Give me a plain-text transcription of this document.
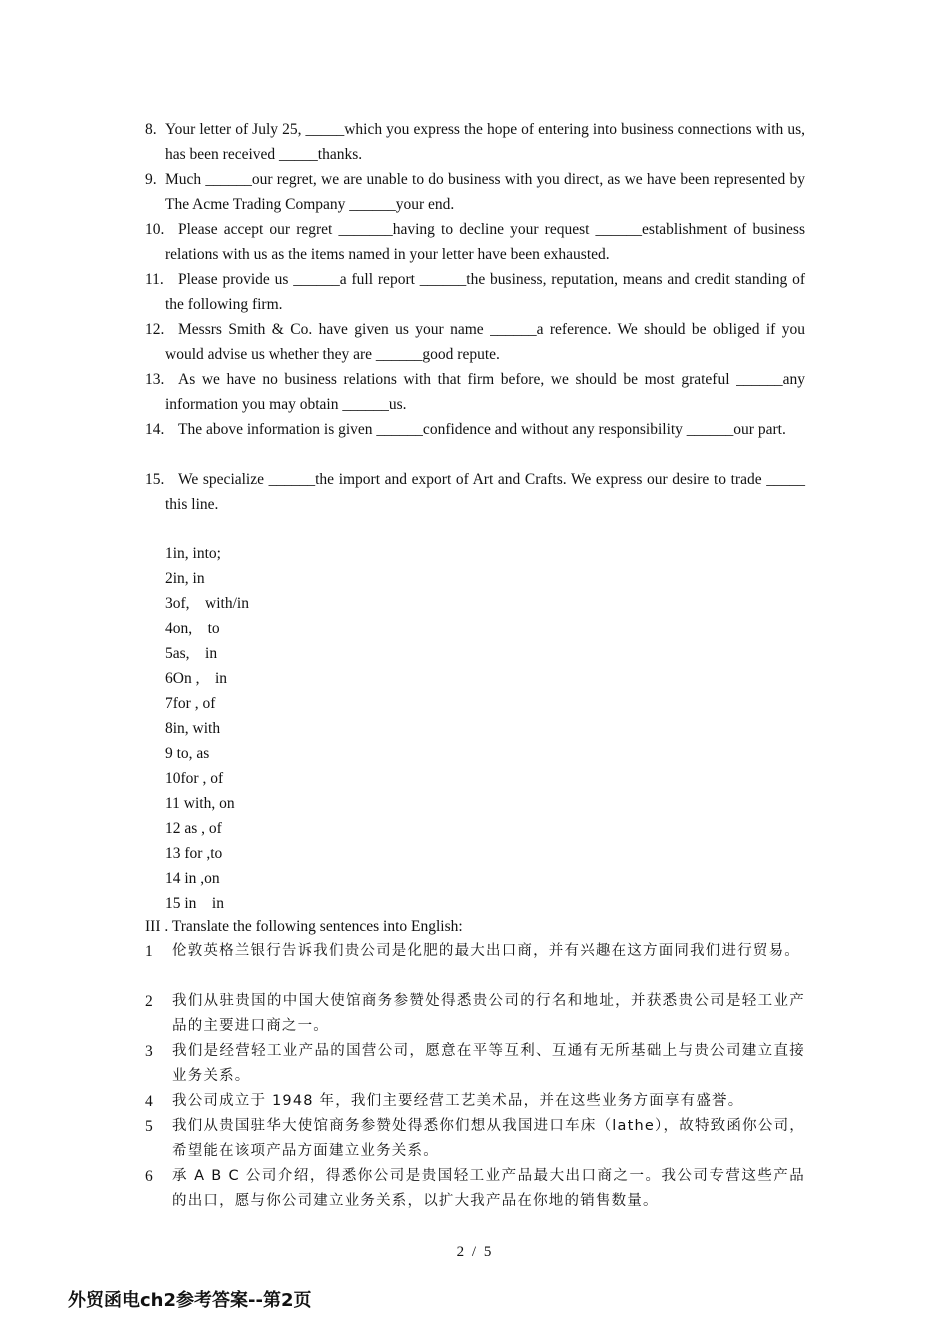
8. Your letter of July 25, _____which you express the hope of entering into business connections with us, has been received _____thanks.
9. Much ______our regret, we are unable to do business with you direct, as we have been represented by The Acme Trading Company ______your end.
10. Please accept our regret _______having to decline your request ______establishment of business relations with us as the items named in your letter have been exhausted.
11. Please provide us ______a full report ______the business, reputation, means and credit standing of the following firm.
12. Messrs Smith & Co. have given us your name ______a reference. We should be obliged if you would advise us whether they are ______good repute.
13. As we have no business relations with that firm before, we should be most grateful ______any information you may obtain ______us.
14. The above information is given ______confidence and without any responsibility ______our part.
15. We specialize ______the import and export of Art and Crafts. We express our desire to trade _____ this line.
1in, into;
2in, in
3of,    with/in
4on,    to
5as,    in
6On ,    in
7for , of
8in, with
9 to, as
10for , of
11 with, on
12 as , of
13 for ,to
14 in ,on
15 in    in
III . Translate the following sentences into English:
1	伦敦英格兰银行告诉我们贵公司是化肥的最大出口商，并有兴趣在这方面同我们进行贸易。
2	我们从驻贵国的中国大使馆商务参赞处得悉贵公司的行名和地址，并获悉贵公司是轻工业产品的主要进口商之一。
3	我们是经营轻工业产品的国营公司，愿意在平等互利、互通有无所基础上与贵公司建立直接业务关系。
4	我公司成立于 1948 年，我们主要经营工艺美术品，并在这些业务方面享有盛誉。
5	我们从贵国驻华大使馆商务参赞处得悉你们想从我国进口车床（lathe），故特致函你公司，希望能在该项产品方面建立业务关系。
6	承 A B C 公司介绍，得悉你公司是贵国轻工业产品最大出口商之一。我公司专营这些产品的出口，愿与你公司建立业务关系，以扩大我产品在你地的销售数量。
2 / 5
外贸函电ch2参考答案--第2页
